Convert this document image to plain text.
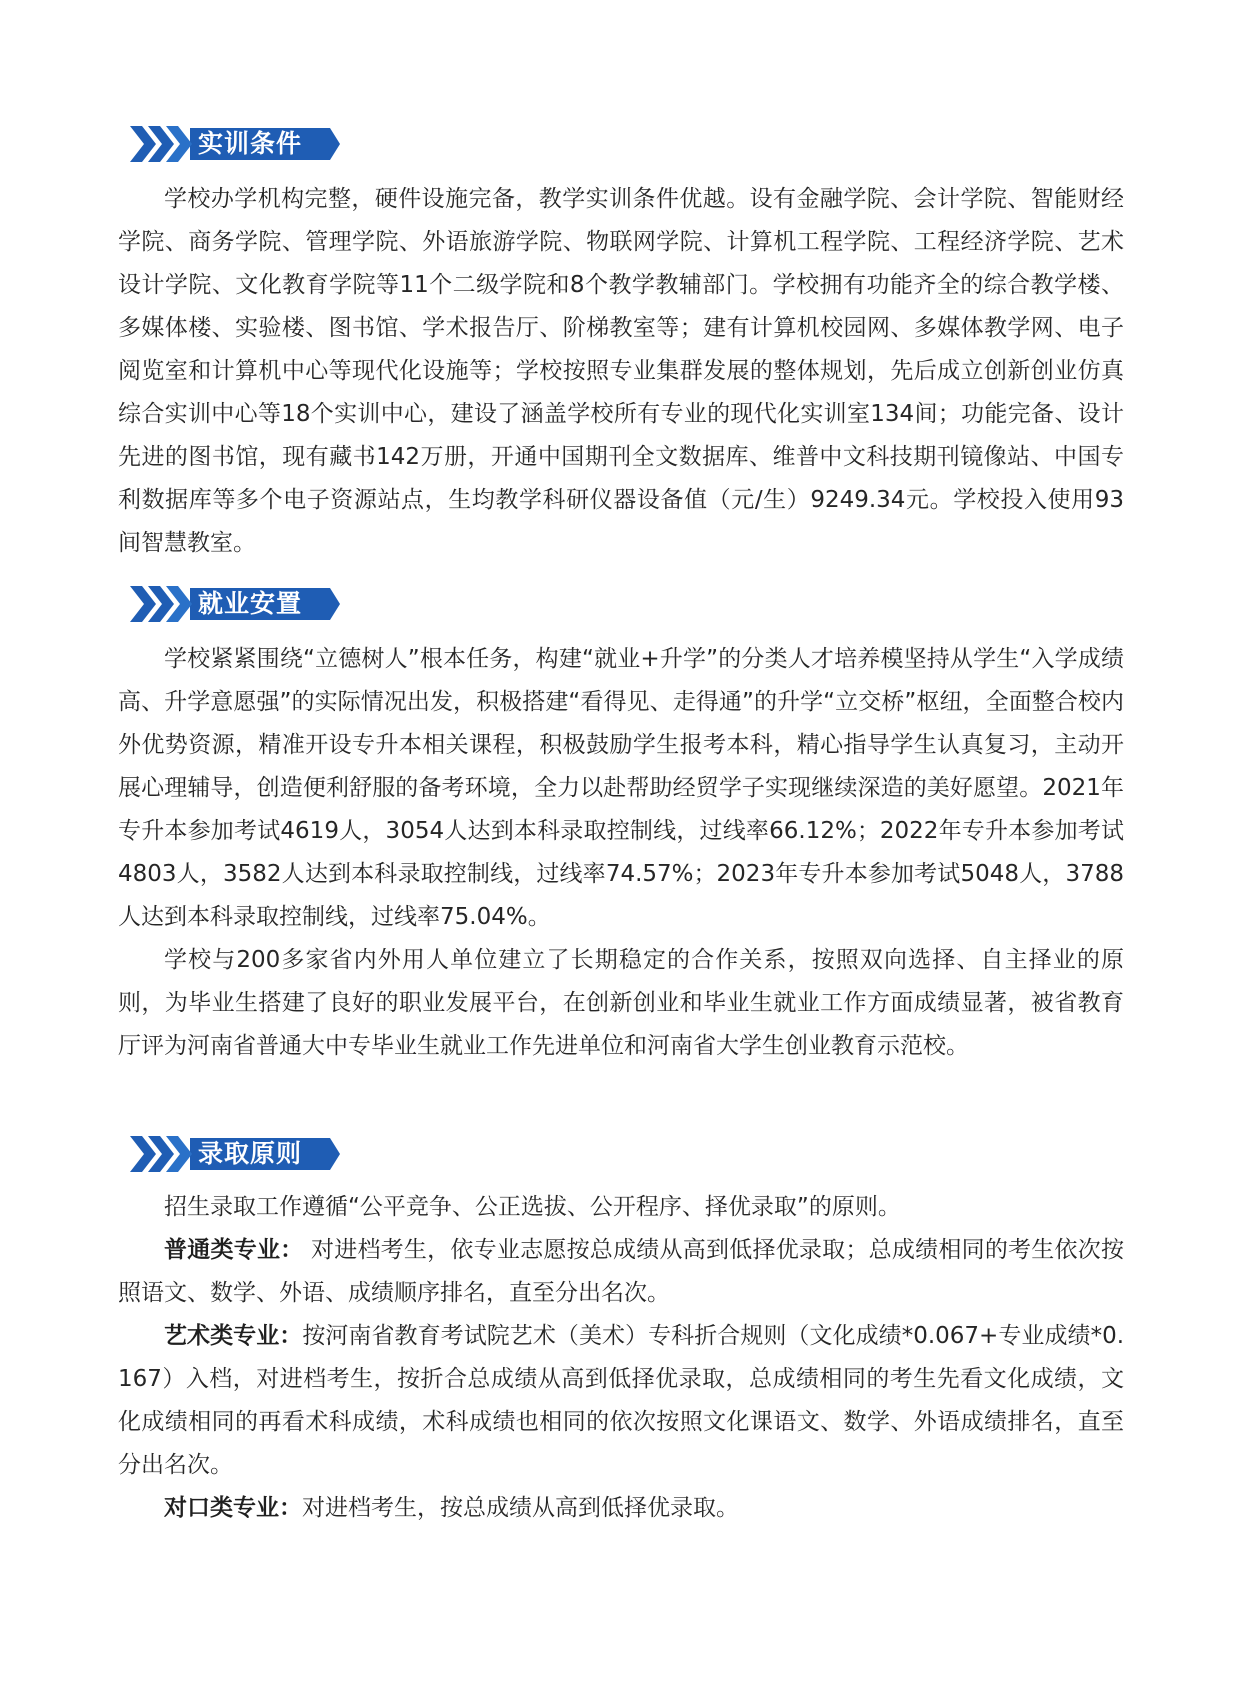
实训条件

学校办学机构完整，硬件设施完备，教学实训条件优越。设有金融学院、会计学院、智能财经学院、商务学院、管理学院、外语旅游学院、物联网学院、计算机工程学院、工程经济学院、艺术设计学院、文化教育学院等11个二级学院和8个教学教辅部门。学校拥有功能齐全的综合教学楼、多媒体楼、实验楼、图书馆、学术报告厅、阶梯教室等；建有计算机校园网、多媒体教学网、电子阅览室和计算机中心等现代化设施等；学校按照专业集群发展的整体规划，先后成立创新创业仿真综合实训中心等18个实训中心，建设了涵盖学校所有专业的现代化实训室134间；功能完备、设计先进的图书馆，现有藏书142万册，开通中国期刊全文数据库、维普中文科技期刊镜像站、中国专利数据库等多个电子资源站点，生均教学科研仪器设备值（元/生）9249.34元。学校投入使用93间智慧教室。

就业安置

学校紧紧围绕“立德树人”根本任务，构建“就业+升学”的分类人才培养模坚持从学生“入学成绩高、升学意愿强”的实际情况出发，积极搭建“看得见、走得通”的升学“立交桥”枢纽，全面整合校内外优势资源，精准开设专升本相关课程，积极鼓励学生报考本科，精心指导学生认真复习，主动开展心理辅导，创造便利舒服的备考环境，全力以赴帮助经贸学子实现继续深造的美好愿望。2021年专升本参加考试4619人，3054人达到本科录取控制线，过线率66.12%；2022年专升本参加考试4803人，3582人达到本科录取控制线，过线率74.57%；2023年专升本参加考试5048人，3788人达到本科录取控制线，过线率75.04%。

学校与200多家省内外用人单位建立了长期稳定的合作关系，按照双向选择、自主择业的原则，为毕业生搭建了良好的职业发展平台，在创新创业和毕业生就业工作方面成绩显著，被省教育厅评为河南省普通大中专毕业生就业工作先进单位和河南省大学生创业教育示范校。

录取原则

招生录取工作遵循“公平竞争、公正选拔、公开程序、择优录取”的原则。

普通类专业： 对进档考生，依专业志愿按总成绩从高到低择优录取；总成绩相同的考生依次按照语文、数学、外语、成绩顺序排名，直至分出名次。

艺术类专业：按河南省教育考试院艺术（美术）专科折合规则（文化成绩*0.067+专业成绩*0.167）入档，对进档考生，按折合总成绩从高到低择优录取，总成绩相同的考生先看文化成绩，文化成绩相同的再看术科成绩，术科成绩也相同的依次按照文化课语文、数学、外语成绩排名，直至分出名次。

对口类专业：对进档考生，按总成绩从高到低择优录取。
